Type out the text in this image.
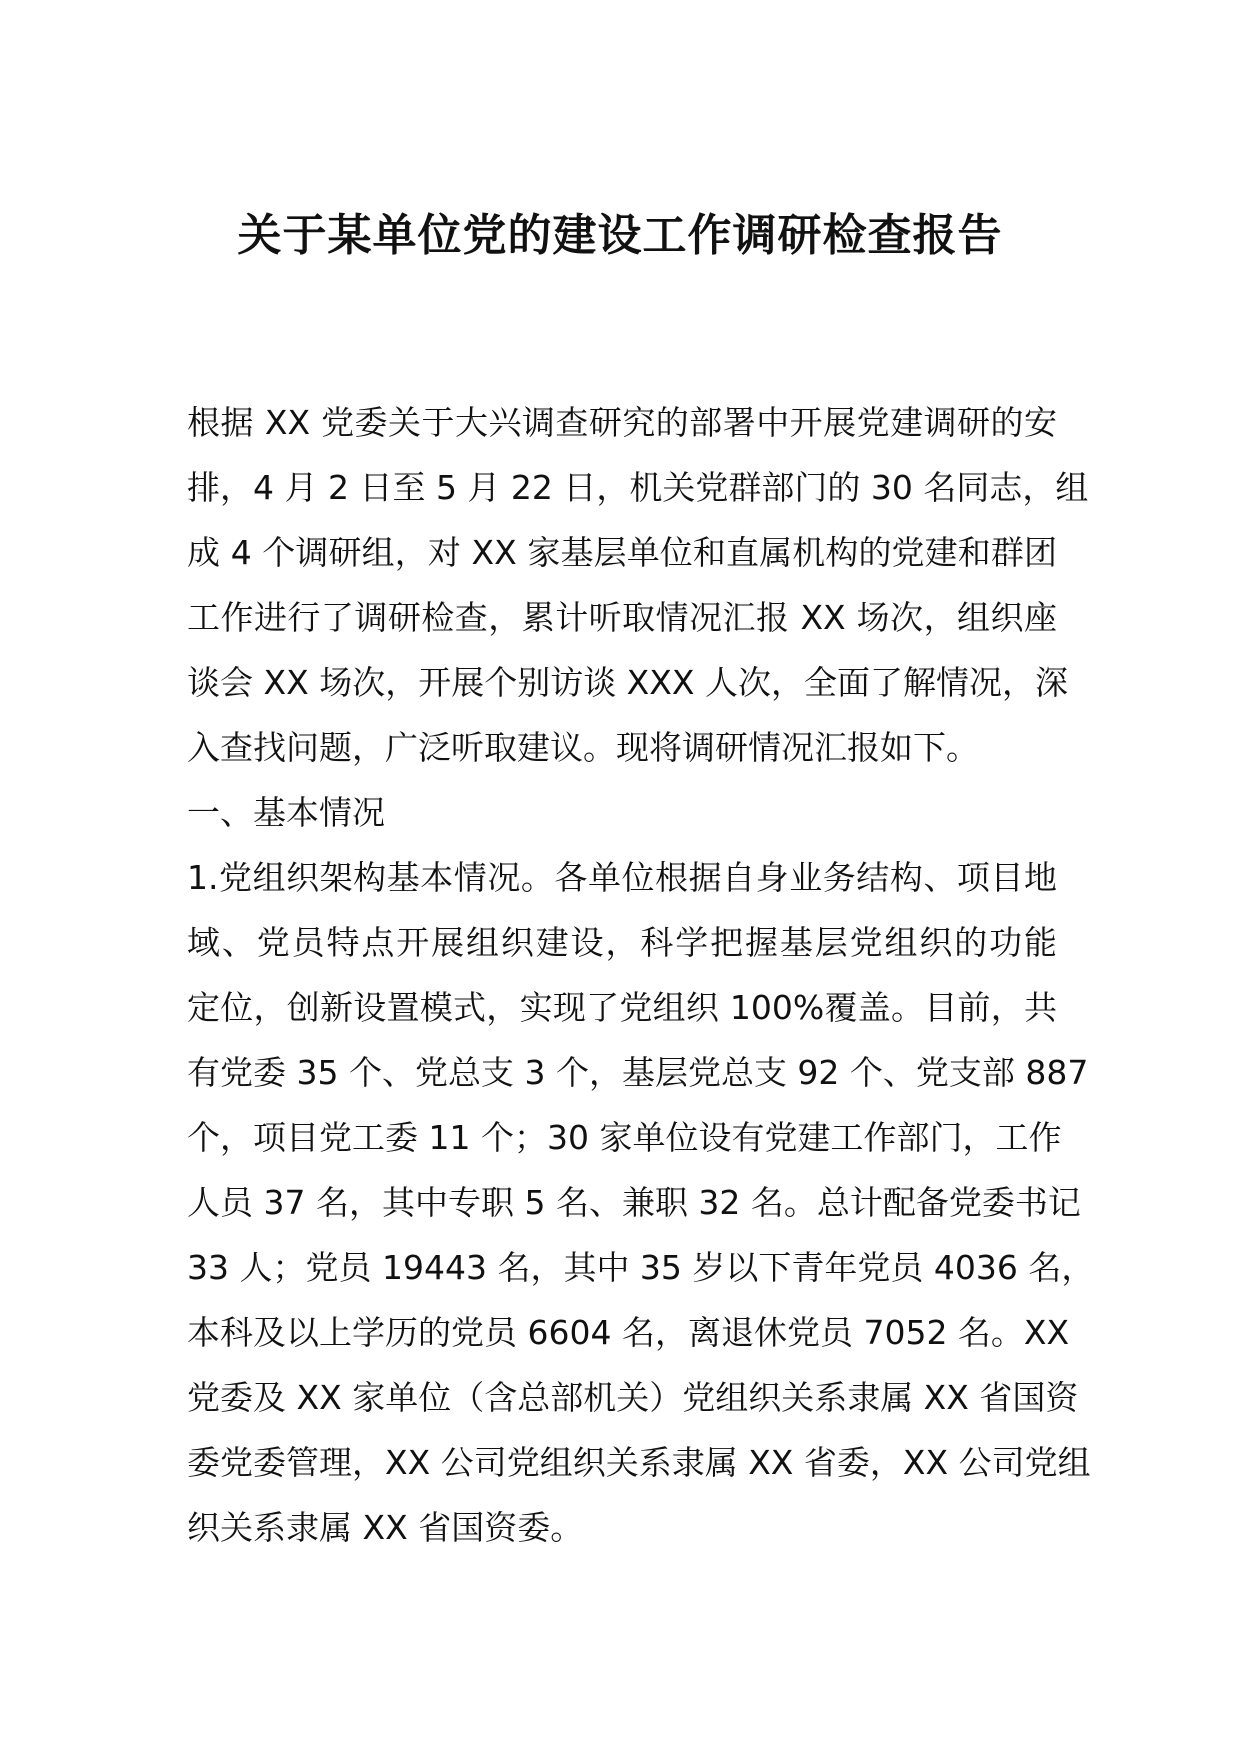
关于某单位党的建设工作调研检查报告

根据 XX 党委关于大兴调查研究的部署中开展党建调研的安
排，4 月 2 日至 5 月 22 日，机关党群部门的 30 名同志，组
成 4 个调研组，对 XX 家基层单位和直属机构的党建和群团
工作进行了调研检查，累计听取情况汇报 XX 场次，组织座
谈会 XX 场次，开展个别访谈 XXX 人次，全面了解情况，深
入查找问题，广泛听取建议。现将调研情况汇报如下。

一、基本情况

1.党组织架构基本情况。各单位根据自身业务结构、项目地
域、党员特点开展组织建设，科学把握基层党组织的功能
定位，创新设置模式，实现了党组织 100%覆盖。目前，共
有党委 35 个、党总支 3 个，基层党总支 92 个、党支部 887
个，项目党工委 11 个；30 家单位设有党建工作部门，工作
人员 37 名，其中专职 5 名、兼职 32 名。总计配备党委书记
33 人；党员 19443 名，其中 35 岁以下青年党员 4036 名，
本科及以上学历的党员 6604 名，离退休党员 7052 名。XX
党委及 XX 家单位（含总部机关）党组织关系隶属 XX 省国资
委党委管理，XX 公司党组织关系隶属 XX 省委，XX 公司党组
织关系隶属 XX 省国资委。
